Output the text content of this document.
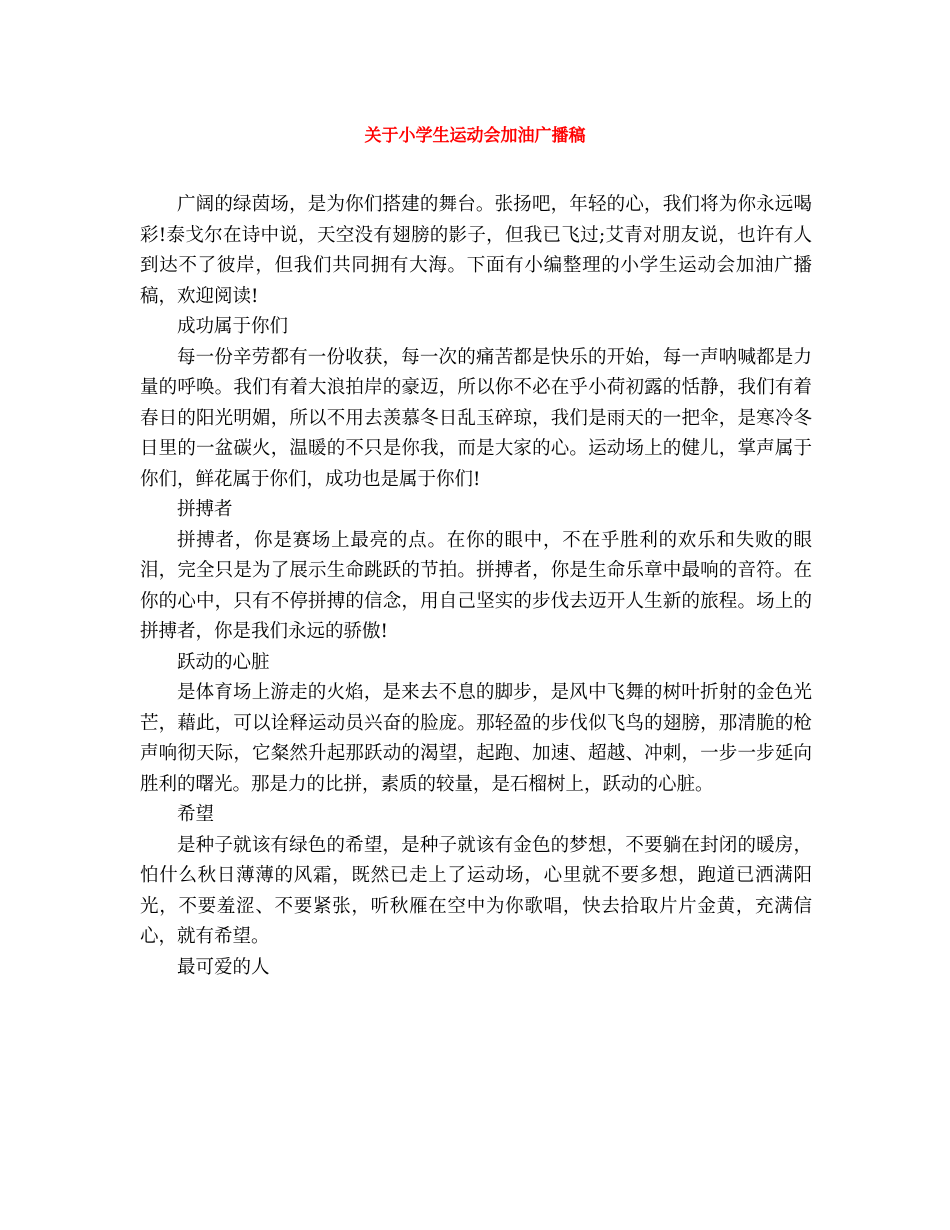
关于小学生运动会加油广播稿

广阔的绿茵场，是为你们搭建的舞台。张扬吧，年轻的心，我们将为你永远喝彩!泰戈尔在诗中说，天空没有翅膀的影子，但我已飞过;艾青对朋友说，也许有人到达不了彼岸，但我们共同拥有大海。下面有小编整理的小学生运动会加油广播稿，欢迎阅读!

成功属于你们

每一份辛劳都有一份收获，每一次的痛苦都是快乐的开始，每一声呐喊都是力量的呼唤。我们有着大浪拍岸的豪迈，所以你不必在乎小荷初露的恬静，我们有着春日的阳光明媚，所以不用去羡慕冬日乱玉碎琼，我们是雨天的一把伞，是寒冷冬日里的一盆碳火，温暖的不只是你我，而是大家的心。运动场上的健儿，掌声属于你们，鲜花属于你们，成功也是属于你们!

拼搏者

拼搏者，你是赛场上最亮的点。在你的眼中，不在乎胜利的欢乐和失败的眼泪，完全只是为了展示生命跳跃的节拍。拼搏者，你是生命乐章中最响的音符。在你的心中，只有不停拼搏的信念，用自己坚实的步伐去迈开人生新的旅程。场上的拼搏者，你是我们永远的骄傲!

跃动的心脏

是体育场上游走的火焰，是来去不息的脚步，是风中飞舞的树叶折射的金色光芒，藉此，可以诠释运动员兴奋的脸庞。那轻盈的步伐似飞鸟的翅膀，那清脆的枪声响彻天际，它粲然升起那跃动的渴望，起跑、加速、超越、冲刺，一步一步延向胜利的曙光。那是力的比拼，素质的较量，是石榴树上，跃动的心脏。

希望

是种子就该有绿色的希望，是种子就该有金色的梦想，不要躺在封闭的暖房，怕什么秋日薄薄的风霜，既然已走上了运动场，心里就不要多想，跑道已洒满阳光，不要羞涩、不要紧张，听秋雁在空中为你歌唱，快去拾取片片金黄，充满信心，就有希望。

最可爱的人
